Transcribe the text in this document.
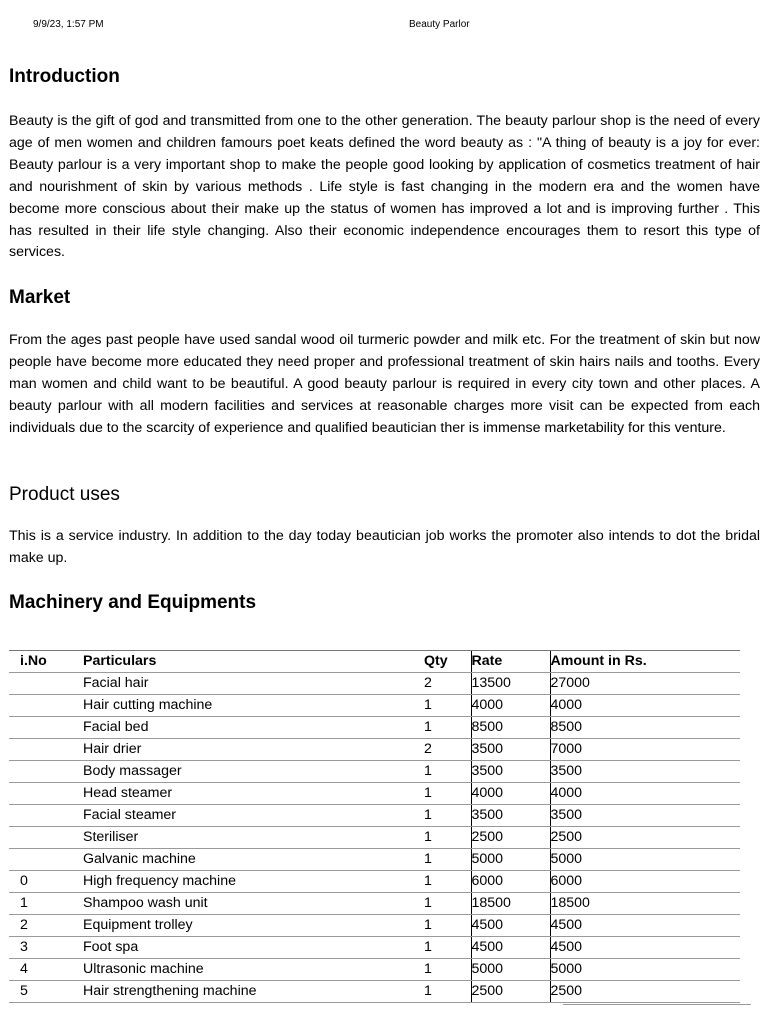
9/9/23, 1:57 PM	Beauty Parlor
Introduction

Beauty is the gift of god and transmitted from one to the other generation. The beauty parlour shop is the need of every age of men women and children famours poet keats defined the word beauty as : "A thing of beauty is a joy for ever: Beauty parlour is a very important shop to make the people good looking by application of cosmetics treatment of hair and nourishment of skin by various methods . Life style is fast changing in the modern era and the women have become more conscious about their make up the status of women has improved a lot and is improving further . This has resulted in their life style changing. Also their economic independence encourages them to resort this type of services.

Market

From the ages past people have used sandal wood oil turmeric powder and milk etc. For the treatment of skin but now people have become more educated they need proper and professional treatment of skin hairs nails and tooths. Every man women and child want to be beautiful. A good beauty parlour is required in every city town and other places. A beauty parlour with all modern facilities and services at reasonable charges more visit can be expected from each individuals due to the scarcity of experience and qualified beautician ther is immense marketability for this venture.

Product uses

This is a service industry. In addition to the day today beautician job works the promoter also intends to dot the bridal make up.

Machinery and Equipments
i.No	Particulars	Qty	Rate	Amount in Rs.
	Facial hair	2	13500	27000
	Hair cutting machine	1	4000	4000
	Facial bed	1	8500	8500
	Hair drier	2	3500	7000
	Body massager	1	3500	3500
	Head steamer	1	4000	4000
	Facial steamer	1	3500	3500
	Steriliser	1	2500	2500
	Galvanic machine	1	5000	5000
0	High frequency machine	1	6000	6000
1	Shampoo wash unit	1	18500	18500
2	Equipment trolley	1	4500	4500
3	Foot spa	1	4500	4500
4	Ultrasonic machine	1	5000	5000
5	Hair strengthening machine	1	2500	2500
